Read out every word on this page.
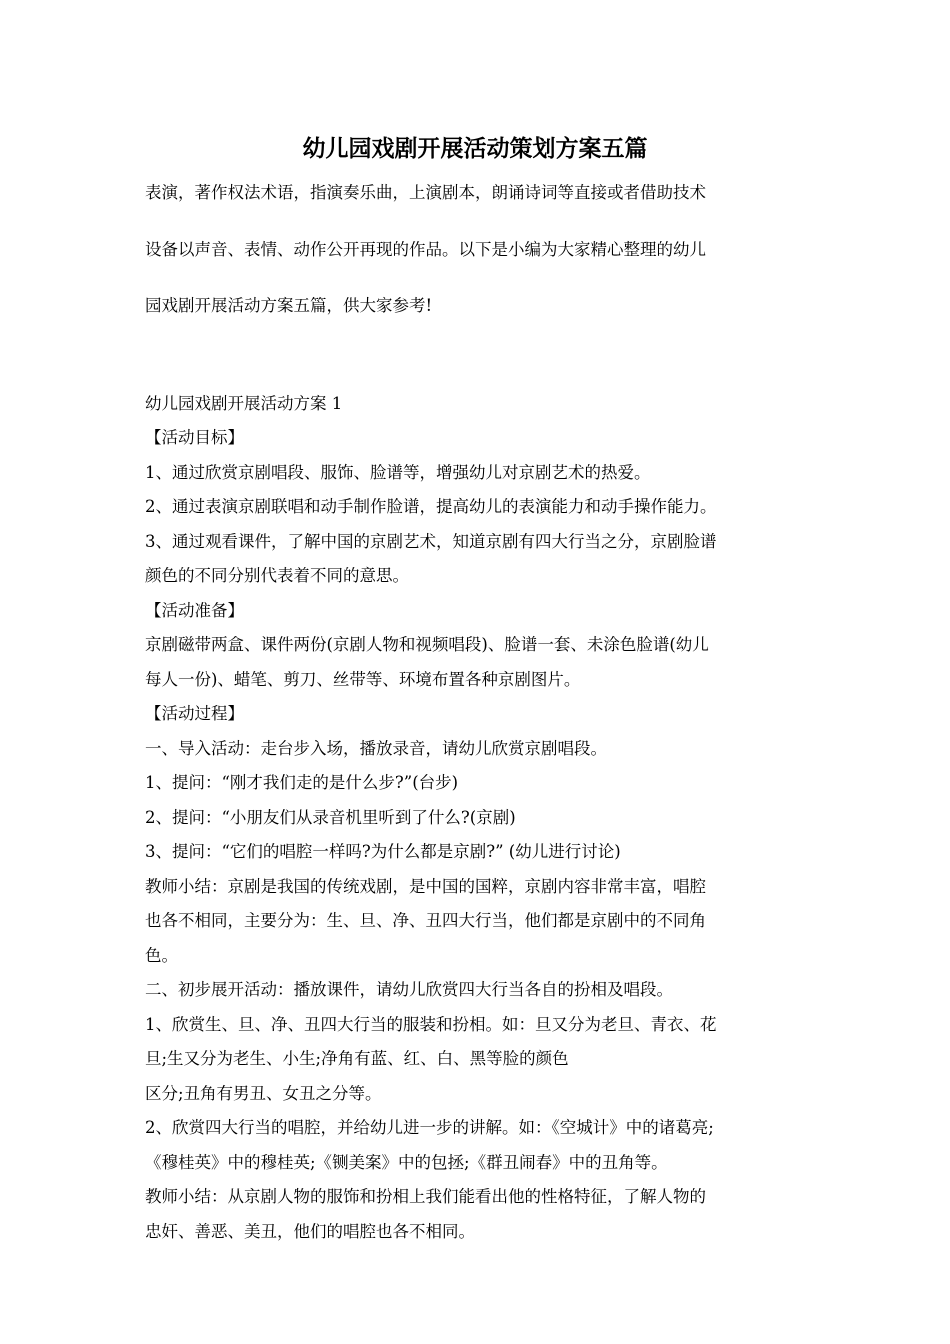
幼儿园戏剧开展活动策划方案五篇

表演，著作权法术语，指演奏乐曲，上演剧本，朗诵诗词等直接或者借助技术

设备以声音、表情、动作公开再现的作品。以下是小编为大家精心整理的幼儿

园戏剧开展活动方案五篇，供大家参考!

幼儿园戏剧开展活动方案 1

【活动目标】

1、通过欣赏京剧唱段、服饰、脸谱等，增强幼儿对京剧艺术的热爱。

2、通过表演京剧联唱和动手制作脸谱，提高幼儿的表演能力和动手操作能力。

3、通过观看课件，了解中国的京剧艺术，知道京剧有四大行当之分，京剧脸谱

颜色的不同分别代表着不同的意思。

【活动准备】

京剧磁带两盒、课件两份(京剧人物和视频唱段)、脸谱一套、未涂色脸谱(幼儿

每人一份)、蜡笔、剪刀、丝带等、环境布置各种京剧图片。

【活动过程】

一、导入活动：走台步入场，播放录音，请幼儿欣赏京剧唱段。

1、提问：“刚才我们走的是什么步?”(台步)

2、提问：“小朋友们从录音机里听到了什么?(京剧)

3、提问：“它们的唱腔一样吗?为什么都是京剧?” (幼儿进行讨论)

教师小结：京剧是我国的传统戏剧，是中国的国粹，京剧内容非常丰富，唱腔

也各不相同，主要分为：生、旦、净、丑四大行当，他们都是京剧中的不同角

色。

二、初步展开活动：播放课件，请幼儿欣赏四大行当各自的扮相及唱段。

1、欣赏生、旦、净、丑四大行当的服装和扮相。如：旦又分为老旦、青衣、花

旦;生又分为老生、小生;净角有蓝、红、白、黑等脸的颜色

区分;丑角有男丑、女丑之分等。

2、欣赏四大行当的唱腔，并给幼儿进一步的讲解。如：《空城计》中的诸葛亮;

《穆桂英》中的穆桂英;《铡美案》中的包拯;《群丑闹春》中的丑角等。

教师小结：从京剧人物的服饰和扮相上我们能看出他的性格特征，了解人物的

忠奸、善恶、美丑，他们的唱腔也各不相同。
